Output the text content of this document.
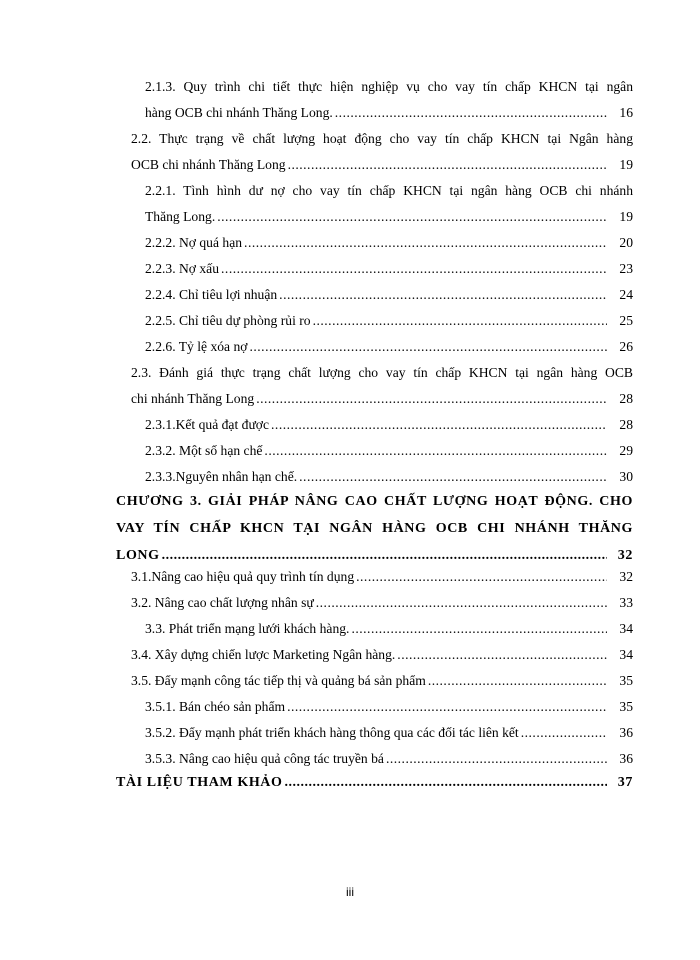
2.1.3. Quy trình chi tiết thực hiện nghiệp vụ cho vay tín chấp KHCN tại ngân
hàng OCB chi nhánh Thăng Long. .....	16
2.2. Thực trạng về chất lượng hoạt động cho vay tín chấp KHCN tại Ngân hàng
OCB chi nhánh Thăng Long .....	19
2.2.1. Tình hình dư nợ cho vay tín chấp KHCN tại ngân hàng OCB chi nhánh
Thăng Long. .....	19
2.2.2. Nợ quá hạn .....	20
2.2.3. Nợ xấu .....	23
2.2.4. Chỉ tiêu lợi nhuận .....	24
2.2.5. Chỉ tiêu dự phòng rủi ro .....	25
2.2.6. Tỷ lệ xóa nợ .....	26
2.3. Đánh giá thực trạng chất lượng cho vay tín chấp KHCN tại ngân hàng OCB
chi nhánh Thăng Long .....	28
2.3.1.Kết quả đạt được .....	28
2.3.2. Một số hạn chế .....	29
2.3.3.Nguyên nhân hạn chế. .....	30
CHƯƠNG 3. GIẢI PHÁP NÂNG CAO CHẤT LƯỢNG HOẠT ĐỘNG. CHO
VAY TÍN CHẤP KHCN TẠI NGÂN HÀNG OCB CHI NHÁNH THĂNG
LONG .....	32
3.1.Nâng cao hiệu quả quy trình tín dụng .....	32
3.2. Nâng cao chất lượng nhân sự .....	33
3.3. Phát triển mạng lưới khách hàng. .....	34
3.4. Xây dựng chiến lược Marketing Ngân hàng. .....	34
3.5. Đẩy mạnh công tác tiếp thị và quảng bá sản phẩm .....	35
3.5.1. Bán chéo sản phẩm .....	35
3.5.2. Đẩy mạnh phát triển khách hàng thông qua các đối tác liên kết .....	36
3.5.3. Nâng cao hiệu quả công tác truyền bá .....	36
TÀI LIỆU THAM KHẢO .....	37
iii
